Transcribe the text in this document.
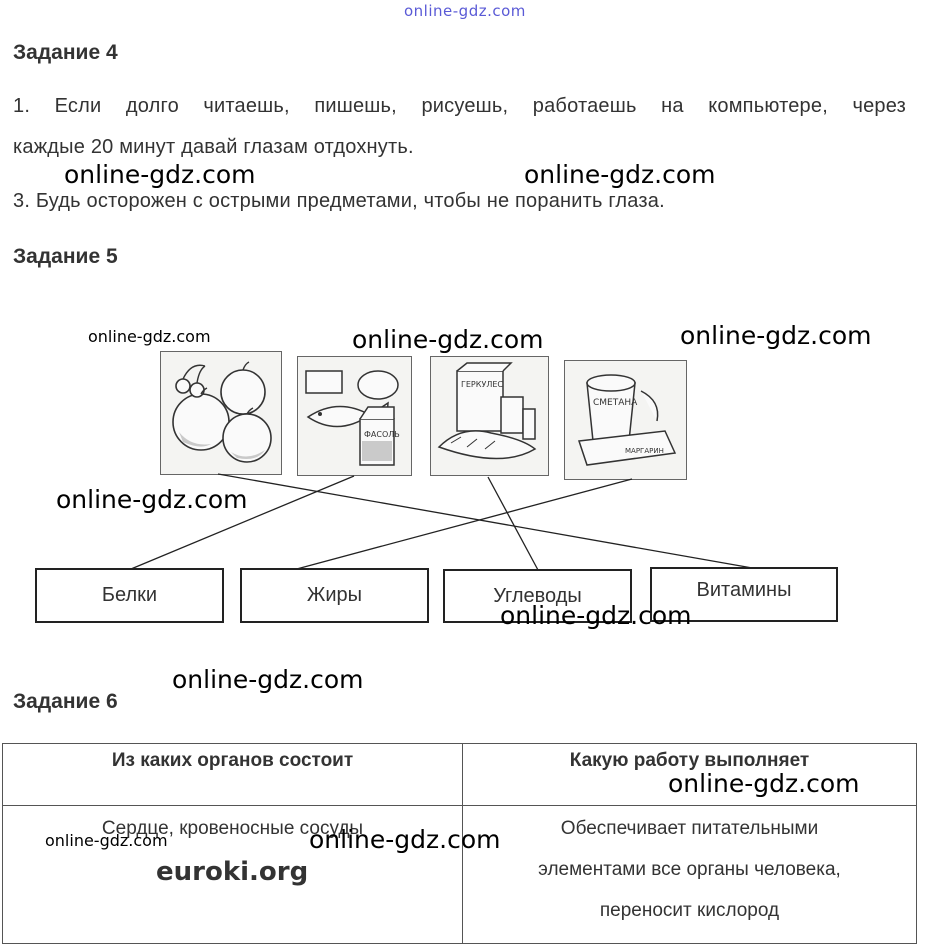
online-gdz.com
Задание 4
1. Если долго читаешь, пишешь, рисуешь, работаешь на компьютере, через
каждые 20 минут давай глазам отдохнуть.
3. Будь осторожен с острыми предметами, чтобы не поранить глаза.
online-gdz.com	online-gdz.com
Задание 5
online-gdz.com	online-gdz.com	online-gdz.com
ФАСОЛЬ
ГЕРКУЛЕС
СМЕТАНА
МАРГАРИН
online-gdz.com
Белки	Жиры	Углеводы	Витамины
online-gdz.com
online-gdz.com
Задание 6
Из каких органов состоит	Какую работу выполняет

Сердце, кровеносные сосуды	Обеспечивает питательными
элементами все органы человека,
переносит кислород
online-gdz.com
online-gdz.com	online-gdz.com
euroki.org
